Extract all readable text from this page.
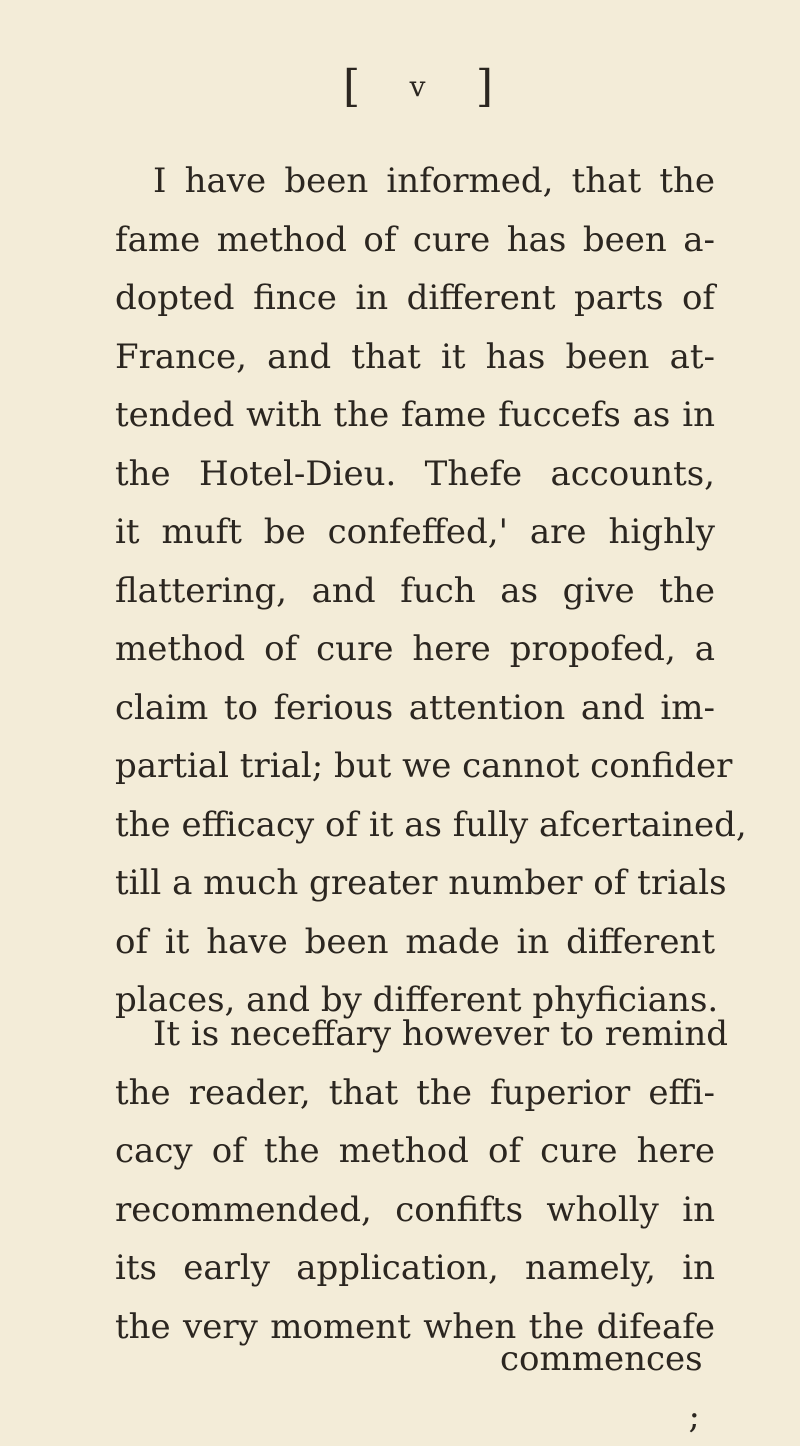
[ v ]
I have been informed, that the
fame method of cure has been a-
dopted fince in different parts of
France, and that it has been at-
tended with the fame fuccefs as in
the Hotel-Dieu. Thefe accounts,
it muft be confeffed,' are highly
flattering, and fuch as give the
method of cure here propofed, a
claim to ferious attention and im-
partial trial; but we cannot confider
the efficacy of it as fully afcertained,
till a much greater number of trials
of it have been made in different
places, and by different phyficians.
It is neceffary however to remind
the reader, that the fuperior effi-
cacy of the method of cure here
recommended, confifts wholly in
its early application, namely, in
the very moment when the difeafe
commences ;
